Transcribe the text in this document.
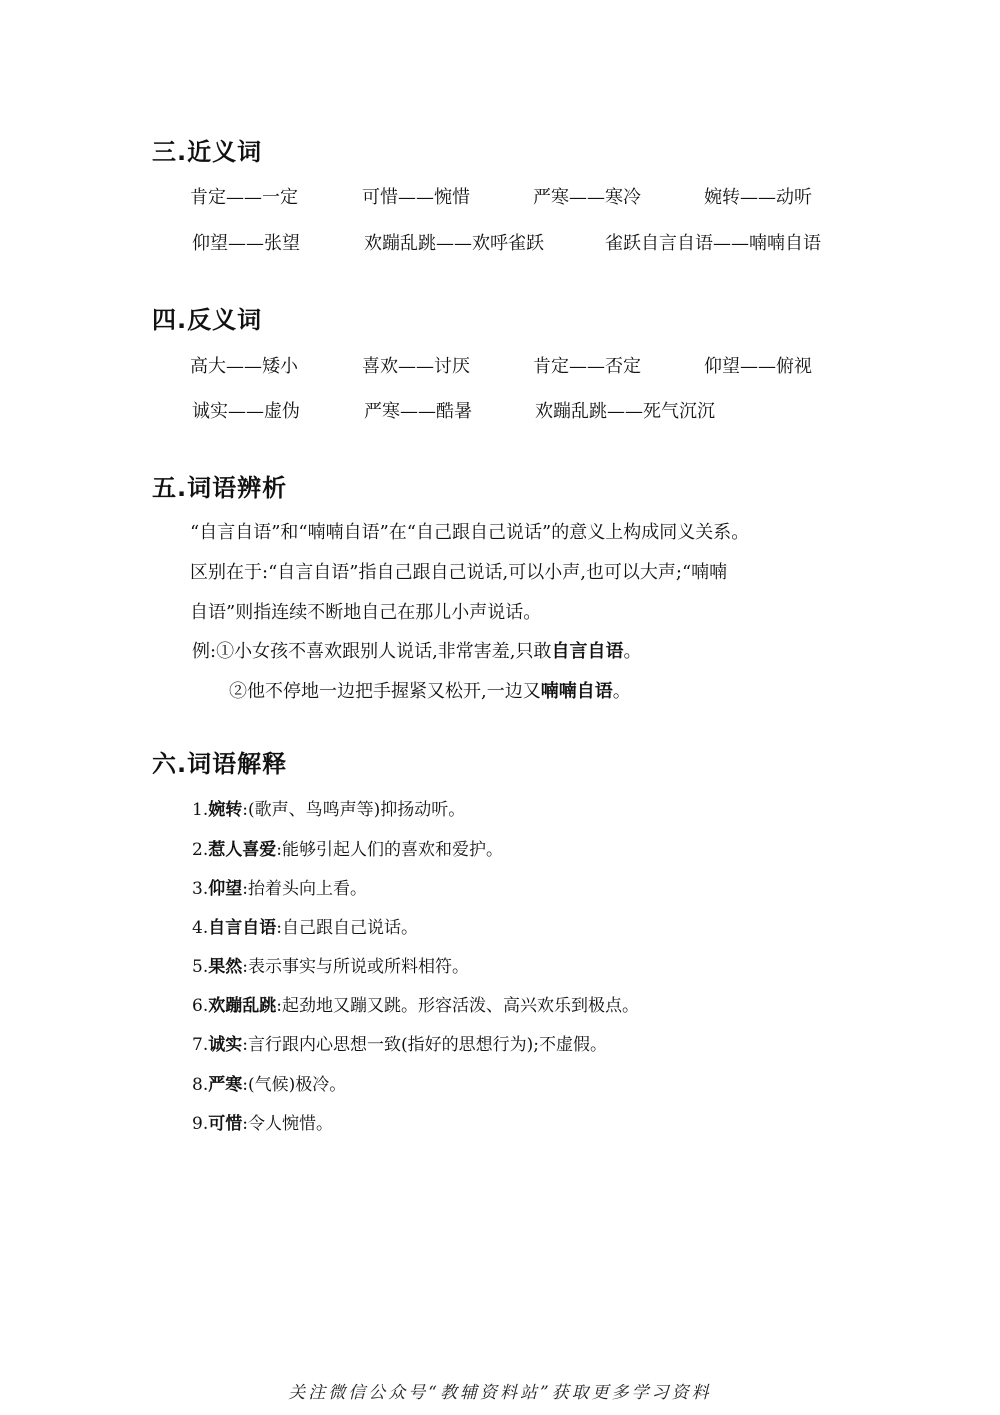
三.近义词
肯定——一定	可惜——惋惜	严寒——寒冷	婉转——动听
仰望——张望	欢蹦乱跳——欢呼雀跃	雀跃自言自语——喃喃自语
四.反义词
高大——矮小	喜欢——讨厌	肯定——否定	仰望——俯视
诚实——虚伪	严寒——酷暑	欢蹦乱跳——死气沉沉
五.词语辨析
“自言自语”和“喃喃自语”在“自己跟自己说话”的意义上构成同义关系。
区别在于:“自言自语”指自己跟自己说话,可以小声,也可以大声;“喃喃
自语”则指连续不断地自己在那儿小声说话。
例:①小女孩不喜欢跟别人说话,非常害羞,只敢自言自语。
②他不停地一边把手握紧又松开,一边又喃喃自语。
六.词语解释
1.婉转:(歌声、鸟鸣声等)抑扬动听。
2.惹人喜爱:能够引起人们的喜欢和爱护。
3.仰望:抬着头向上看。
4.自言自语:自己跟自己说话。
5.果然:表示事实与所说或所料相符。
6.欢蹦乱跳:起劲地又蹦又跳。形容活泼、高兴欢乐到极点。
7.诚实:言行跟内心思想一致(指好的思想行为);不虚假。
8.严寒:(气候)极冷。
9.可惜:令人惋惜。
关注微信公众号“教辅资料站”获取更多学习资料
